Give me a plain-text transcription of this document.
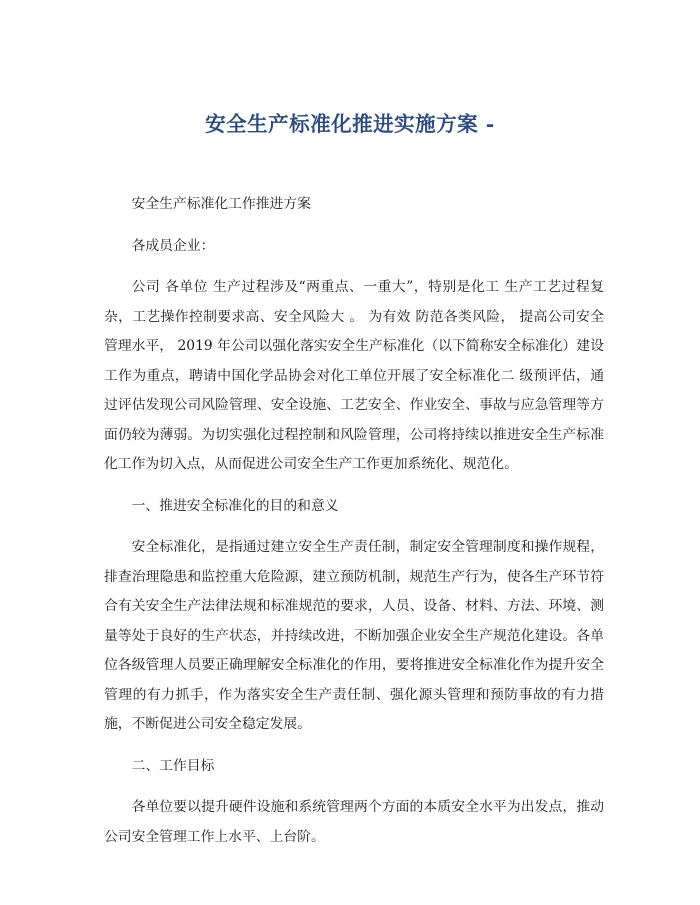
安全生产标准化推进实施方案 -

安全生产标准化工作推进方案

各成员企业：

公司 各单位 生产过程涉及“两重点、一重大”，特别是化工 生产工艺过程复杂，工艺操作控制要求高、安全风险大 。 为有效 防范各类风险， 提高公司安全管理水平， 2019 年公司以强化落实安全生产标准化（以下简称安全标准化）建设工作为重点，聘请中国化学品协会对化工单位开展了安全标准化二 级预评估，通过评估发现公司风险管理、安全设施、工艺安全、作业安全、事故与应急管理等方面仍较为薄弱。为切实强化过程控制和风险管理，公司将持续以推进安全生产标准化工作为切入点，从而促进公司安全生产工作更加系统化、规范化。

一、推进安全标准化的目的和意义

安全标准化，是指通过建立安全生产责任制，制定安全管理制度和操作规程，排查治理隐患和监控重大危险源，建立预防机制，规范生产行为，使各生产环节符合有关安全生产法律法规和标准规范的要求，人员、设备、材料、方法、环境、测量等处于良好的生产状态，并持续改进，不断加强企业安全生产规范化建设。各单位各级管理人员要正确理解安全标准化的作用，要将推进安全标准化作为提升安全管理的有力抓手，作为落实安全生产责任制、强化源头管理和预防事故的有力措施，不断促进公司安全稳定发展。

二、工作目标

各单位要以提升硬件设施和系统管理两个方面的本质安全水平为出发点，推动公司安全管理工作上水平、上台阶。
